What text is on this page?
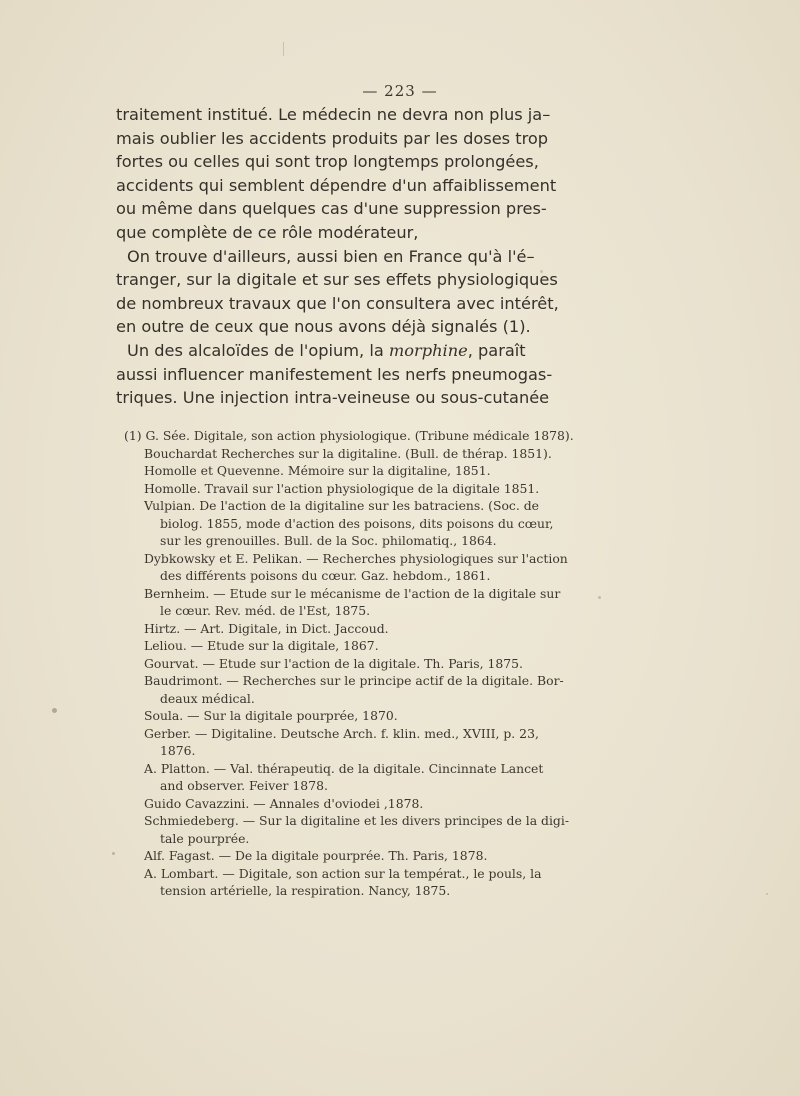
— 223 —
traitement institué. Le médecin ne devra non plus ja–
mais oublier les accidents produits par les doses trop
fortes ou celles qui sont trop longtemps prolongées,
accidents qui semblent dépendre d'un affaiblissement
ou même dans quelques cas d'une suppression pres-
que complète de ce rôle modérateur,
On trouve d'ailleurs, aussi bien en France qu'à l'é–
tranger, sur la digitale et sur ses effets physiologiques
de nombreux travaux que l'on consultera avec intérêt,
en outre de ceux que nous avons déjà signalés (1).
Un des alcaloïdes de l'opium, la morphine, paraît
aussi influencer manifestement les nerfs pneumogas-
triques. Une injection intra-veineuse ou sous-cutanée
(1) G. Sée. Digitale, son action physiologique. (Tribune médicale 1878).
Bouchardat Recherches sur la digitaline. (Bull. de thérap. 1851).
Homolle et Quevenne. Mémoire sur la digitaline, 1851.
Homolle. Travail sur l'action physiologique de la digitale 1851.
Vulpian. De l'action de la digitaline sur les batraciens. (Soc. de
biolog. 1855, mode d'action des poisons, dits poisons du cœur,
sur les grenouilles. Bull. de la Soc. philomatiq., 1864.
Dybkowsky et E. Pelikan. — Recherches physiologiques sur l'action
des différents poisons du cœur. Gaz. hebdom., 1861.
Bernheim. — Etude sur le mécanisme de l'action de la digitale sur
le cœur. Rev. méd. de l'Est, 1875.
Hirtz. — Art. Digitale, in Dict. Jaccoud.
Leliou. — Etude sur la digitale, 1867.
Gourvat. — Etude sur l'action de la digitale. Th. Paris, 1875.
Baudrimont. — Recherches sur le principe actif de la digitale. Bor-
deaux médical.
Soula. — Sur la digitale pourprée, 1870.
Gerber. — Digitaline. Deutsche Arch. f. klin. med., XVIII, p. 23,
1876.
A. Platton. — Val. thérapeutiq. de la digitale. Cincinnate Lancet
and observer. Feiver 1878.
Guido Cavazzini. — Annales d'oviodei ,1878.
Schmiedeberg. — Sur la digitaline et les divers principes de la digi-
tale pourprée.
Alf. Fagast. — De la digitale pourprée. Th. Paris, 1878.
A. Lombart. — Digitale, son action sur la températ., le pouls, la
tension artérielle, la respiration. Nancy, 1875.
